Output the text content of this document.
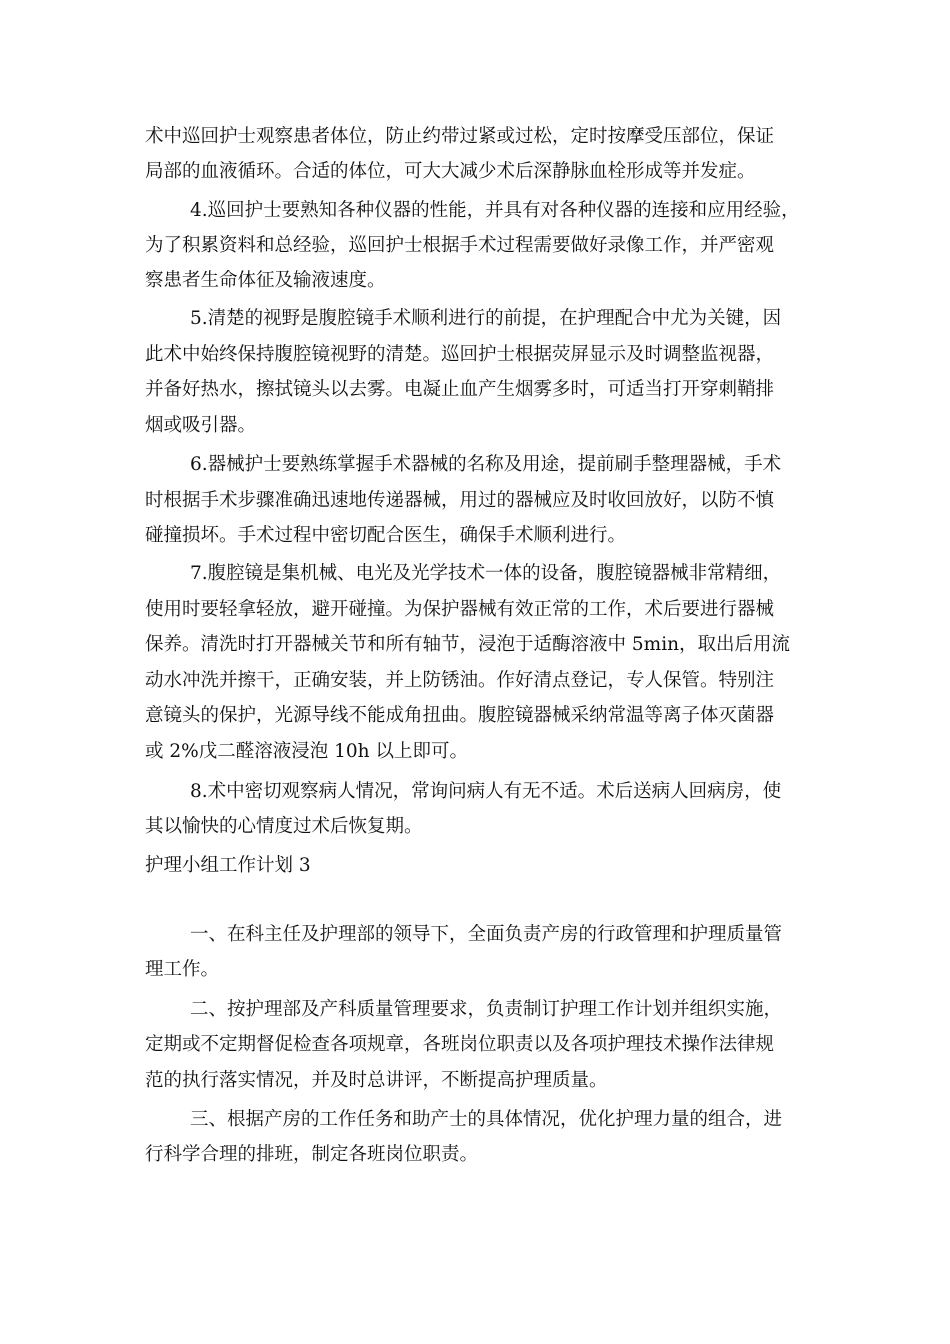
术中巡回护士观察患者体位，防止约带过紧或过松，定时按摩受压部位，保证
局部的血液循环。合适的体位，可大大减少术后深静脉血栓形成等并发症。
4.巡回护士要熟知各种仪器的性能，并具有对各种仪器的连接和应用经验，
为了积累资料和总经验，巡回护士根据手术过程需要做好录像工作，并严密观
察患者生命体征及输液速度。
5.清楚的视野是腹腔镜手术顺利进行的前提，在护理配合中尤为关键，因
此术中始终保持腹腔镜视野的清楚。巡回护士根据荧屏显示及时调整监视器，
并备好热水，擦拭镜头以去雾。电凝止血产生烟雾多时，可适当打开穿刺鞘排
烟或吸引器。
6.器械护士要熟练掌握手术器械的名称及用途，提前刷手整理器械，手术
时根据手术步骤准确迅速地传递器械，用过的器械应及时收回放好，以防不慎
碰撞损坏。手术过程中密切配合医生，确保手术顺利进行。
7.腹腔镜是集机械、电光及光学技术一体的设备，腹腔镜器械非常精细，
使用时要轻拿轻放，避开碰撞。为保护器械有效正常的工作，术后要进行器械
保养。清洗时打开器械关节和所有轴节，浸泡于适酶溶液中 5min，取出后用流
动水冲洗并擦干，正确安装，并上防锈油。作好清点登记，专人保管。特别注
意镜头的保护，光源导线不能成角扭曲。腹腔镜器械采纳常温等离子体灭菌器
或 2%戊二醛溶液浸泡 10h 以上即可。
8.术中密切观察病人情况，常询问病人有无不适。术后送病人回病房，使
其以愉快的心情度过术后恢复期。
护理小组工作计划 3
一、在科主任及护理部的领导下，全面负责产房的行政管理和护理质量管
理工作。
二、按护理部及产科质量管理要求，负责制订护理工作计划并组织实施，
定期或不定期督促检查各项规章，各班岗位职责以及各项护理技术操作法律规
范的执行落实情况，并及时总讲评，不断提高护理质量。
三、根据产房的工作任务和助产士的具体情况，优化护理力量的组合，进
行科学合理的排班，制定各班岗位职责。
